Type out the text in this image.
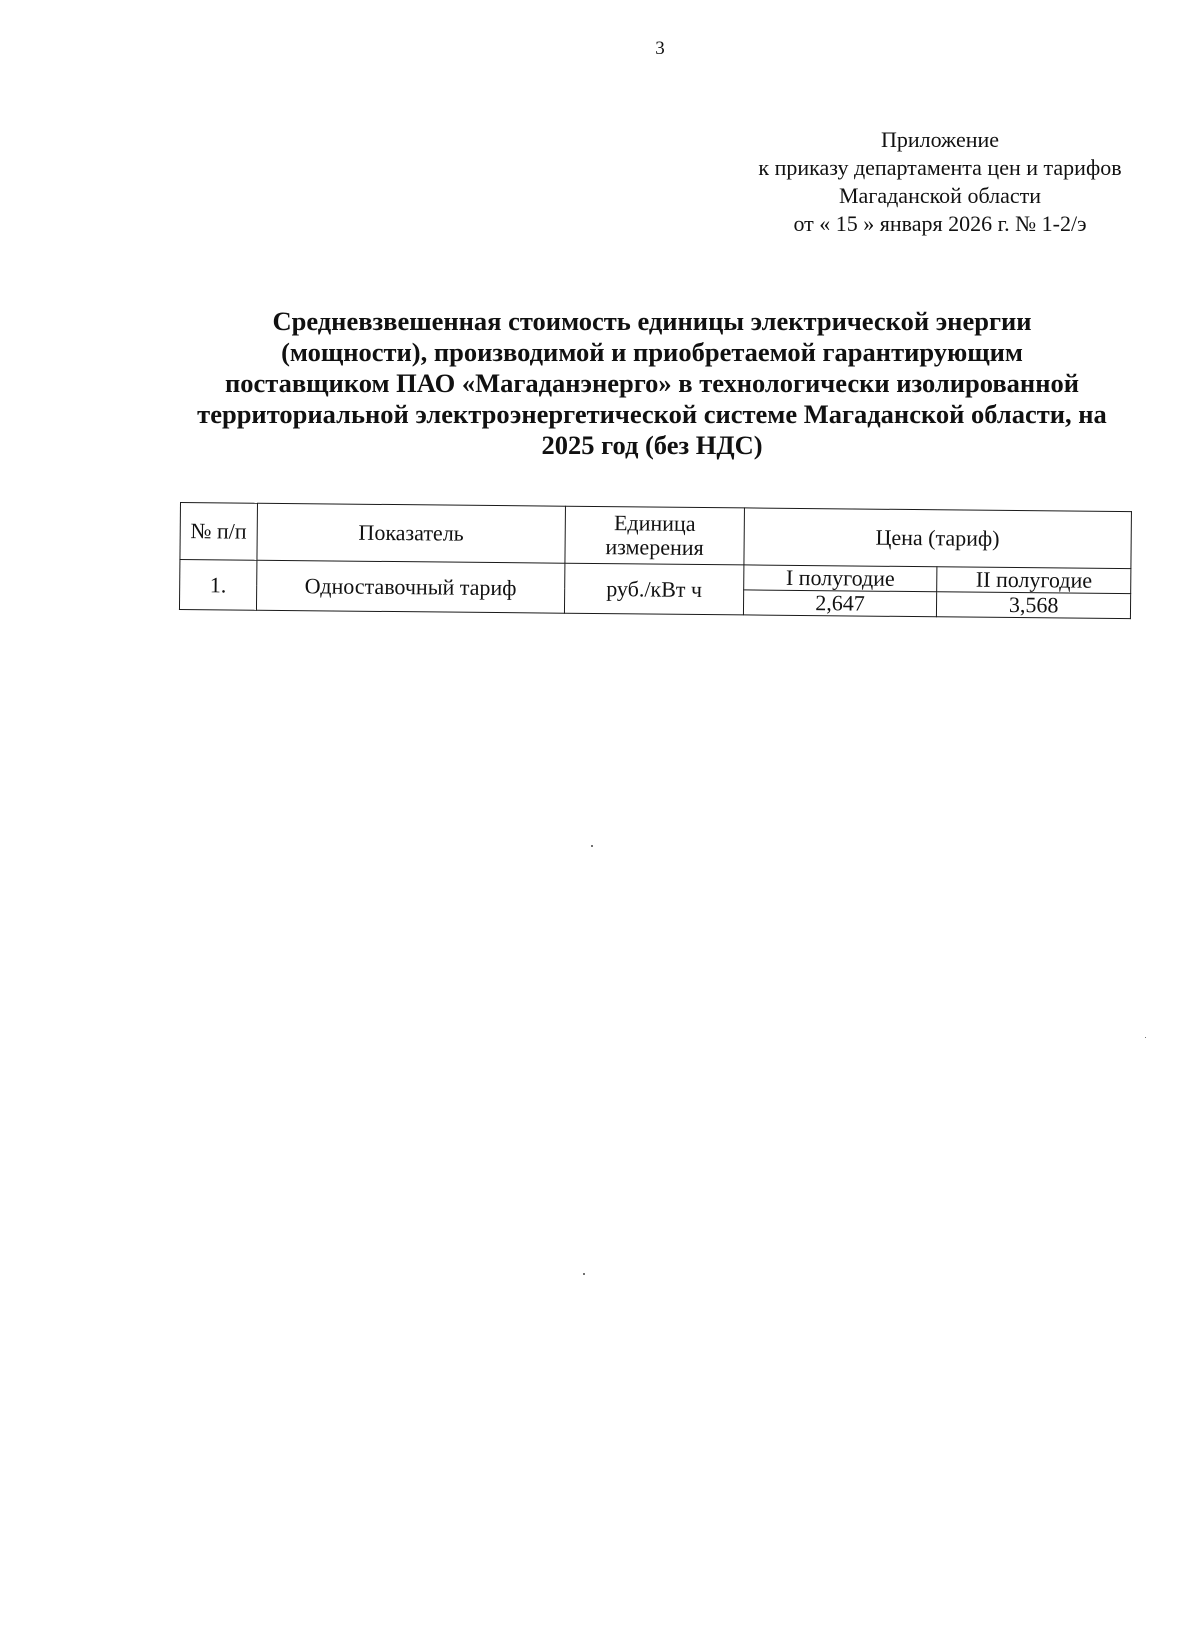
3
Приложение
к приказу департамента цен и тарифов
Магаданской области
от « 15 » января 2026 г. № 1-2/э
Средневзвешенная стоимость единицы электрической энергии
(мощности), производимой и приобретаемой гарантирующим
поставщиком ПАО «Магаданэнерго» в технологически изолированной
территориальной электроэнергетической системе Магаданской области, на
2025 год (без НДС)
№ п/п	Показатель	Единица измерения	Цена (тариф)	
1.	Одноставочный тариф	руб./кВт ч	I полугодие	II полугодие
			2,647	3,568
